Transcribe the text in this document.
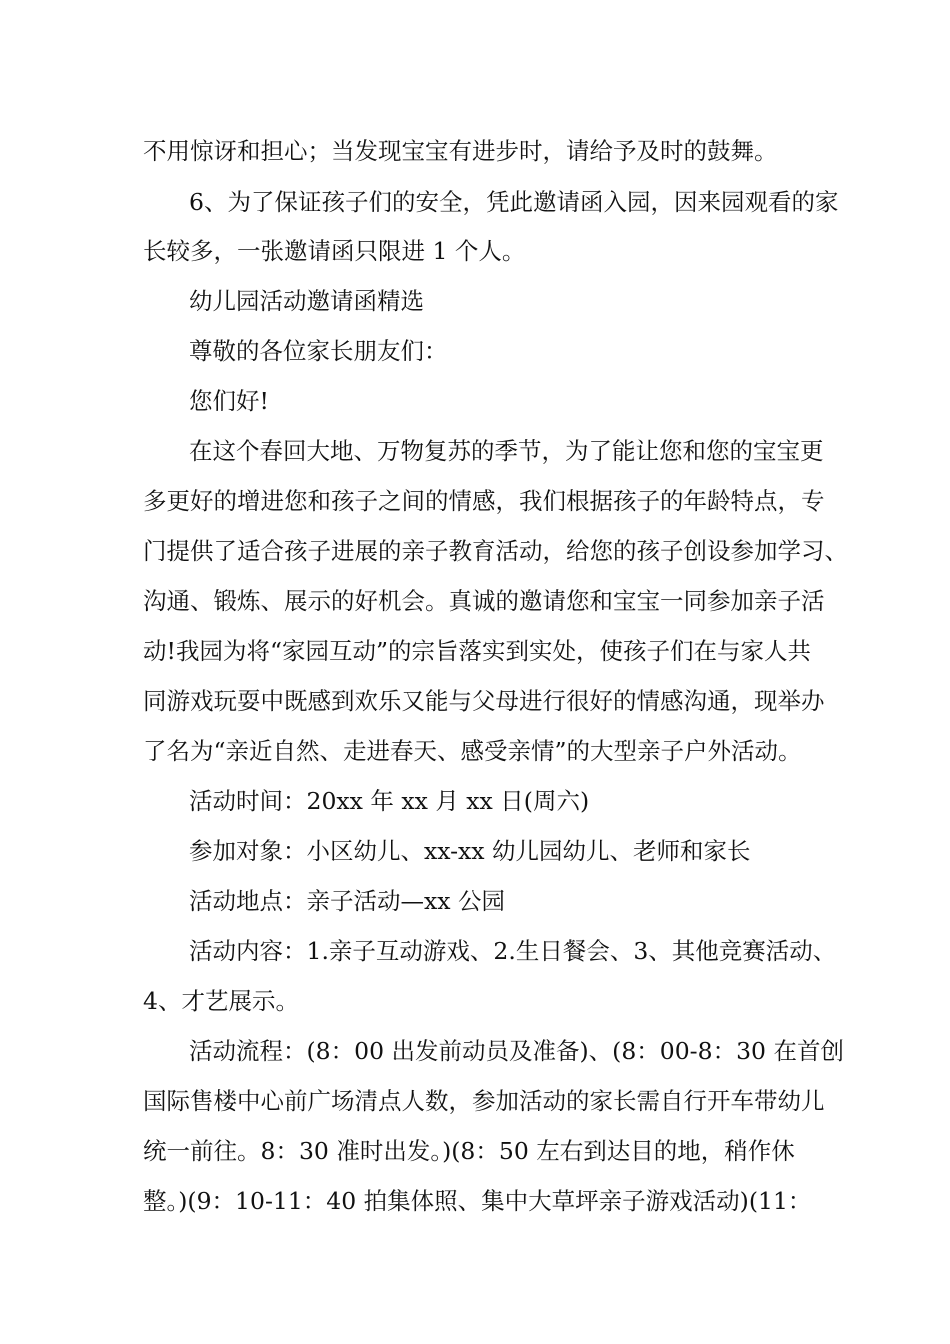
不用惊讶和担心；当发现宝宝有进步时，请给予及时的鼓舞。
6、为了保证孩子们的安全，凭此邀请函入园，因来园观看的家
长较多，一张邀请函只限进 1 个人。
幼儿园活动邀请函精选
尊敬的各位家长朋友们：
您们好!
在这个春回大地、万物复苏的季节，为了能让您和您的宝宝更
多更好的增进您和孩子之间的情感，我们根据孩子的年龄特点，专
门提供了适合孩子进展的亲子教育活动，给您的孩子创设参加学习、
沟通、锻炼、展示的好机会。真诚的邀请您和宝宝一同参加亲子活
动!我园为将“家园互动”的宗旨落实到实处，使孩子们在与家人共
同游戏玩耍中既感到欢乐又能与父母进行很好的情感沟通，现举办
了名为“亲近自然、走进春天、感受亲情”的大型亲子户外活动。
活动时间：20xx 年 xx 月 xx 日(周六)
参加对象：小区幼儿、xx-xx 幼儿园幼儿、老师和家长
活动地点：亲子活动—xx 公园
活动内容：1.亲子互动游戏、2.生日餐会、3、其他竞赛活动、
4、才艺展示。
活动流程：(8：00 出发前动员及准备)、(8：00-8：30 在首创
国际售楼中心前广场清点人数，参加活动的家长需自行开车带幼儿
统一前往。8：30 准时出发。)(8：50 左右到达目的地，稍作休
整。)(9：10-11：40 拍集体照、集中大草坪亲子游戏活动)(11：
